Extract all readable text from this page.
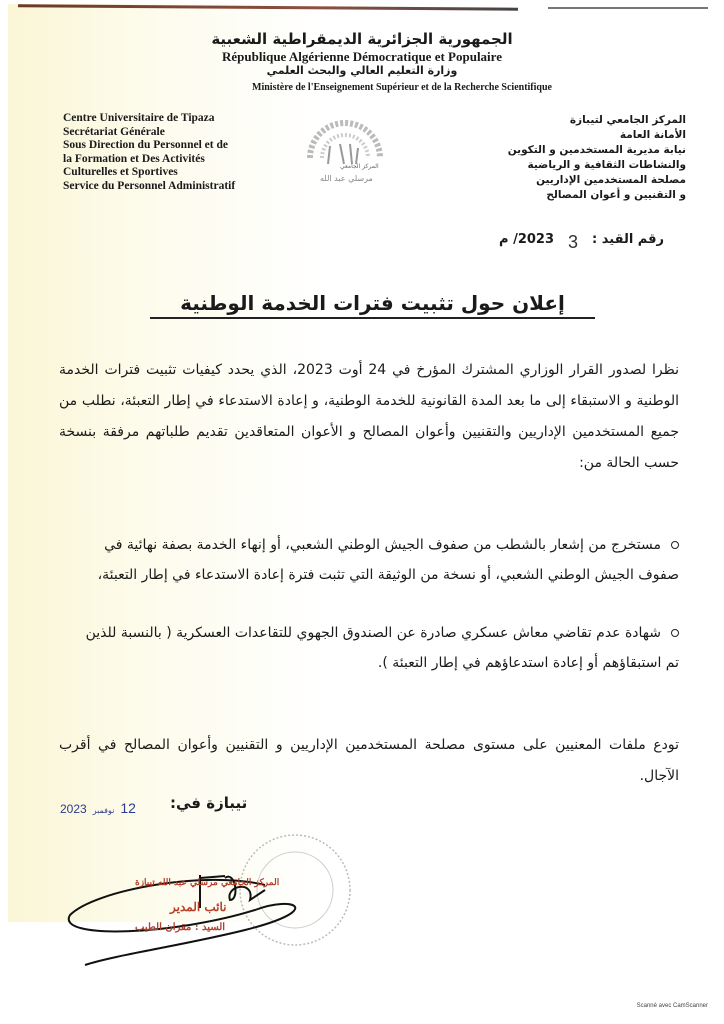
الجمهورية الجزائرية الديمقراطية الشعبية
République Algérienne Démocratique et Populaire
وزارة التعليم العالي والبحث العلمي
Ministère de l'Enseignement Supérieur et de la Recherche Scientifique
Centre Universitaire de Tipaza
Secrétariat Générale
Sous Direction du Personnel et de
la Formation et Des Activités
Culturelles et Sportives
Service du Personnel Administratif
المركز الجامعي
مرسلي عبد الله
المركز الجامعي لتيبازة
الأمانة العامة
نيابة مديرية المستخدمين و التكوين
والنشاطات الثقافية و الرياضية
مصلحة المستخدمين الإداريين
و التقنيين و أعوان المصالح
رقم القيد :
3
2023/ م
إعلان حول تثبيت فترات الخدمة الوطنية
نظرا لصدور القرار الوزاري المشترك المؤرخ في 24 أوت 2023، الذي يحدد كيفيات تثبيت فترات الخدمة الوطنية و الاستبقاء إلى ما بعد المدة القانونية للخدمة الوطنية، و إعادة الاستدعاء في إطار التعبئة، نطلب من جميع المستخدمين الإداريين والتقنيين وأعوان المصالح و الأعوان المتعاقدين تقديم طلباتهم مرفقة بنسخة حسب الحالة من:
مستخرج من إشعار بالشطب من صفوف الجيش الوطني الشعبي، أو إنهاء الخدمة بصفة نهائية في صفوف الجيش الوطني الشعبي، أو نسخة من الوثيقة التي تثبت فترة إعادة الاستدعاء في إطار التعبئة،
شهادة عدم تقاضي معاش عسكري صادرة عن الصندوق الجهوي للتقاعدات العسكرية ( بالنسبة للذين تم استبقاؤهم أو إعادة استدعاؤهم في إطار التعبئة ).
تودع ملفات المعنيين على مستوى مصلحة المستخدمين الإداريين و التقنيين وأعوان المصالح في أقرب الآجال.
تيبازة في:
2023 نوفمبر 12
المركز الجامعي مرسلي عبد الله تيبازة
نائب المدير
السيد : مقران الطيب
Scanné avec CamScanner
